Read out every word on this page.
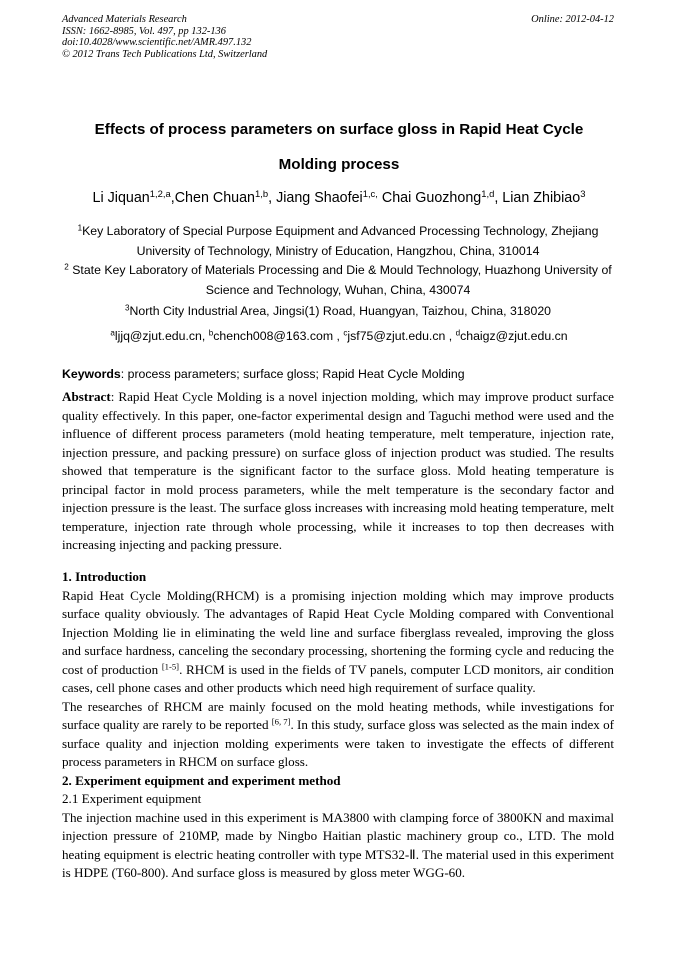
Advanced Materials Research
ISSN: 1662-8985, Vol. 497, pp 132-136
doi:10.4028/www.scientific.net/AMR.497.132
© 2012 Trans Tech Publications Ltd, Switzerland
Online: 2012-04-12
Effects of process parameters on surface gloss in Rapid Heat Cycle
Molding process
Li Jiquan$^{1,2,a}$,Chen Chuan$^{1,b}$, Jiang Shaofei$^{1,c,}$ Chai Guozhong$^{1,d}$, Lian Zhibiao$^3$
$^1$Key Laboratory of Special Purpose Equipment and Advanced Processing Technology, Zhejiang University of Technology, Ministry of Education, Hangzhou, China, 310014
$^2$ State Key Laboratory of Materials Processing and Die & Mould Technology, Huazhong University of Science and Technology, Wuhan, China, 430074
$^3$North City Industrial Area, Jingsi(1) Road, Huangyan, Taizhou, China, 318020
$^a$ljjq@zjut.edu.cn, $^b$chench008@163.com , $^c$jsf75@zjut.edu.cn , $^d$chaigz@zjut.edu.cn
Keywords: process parameters; surface gloss; Rapid Heat Cycle Molding

Abstract: Rapid Heat Cycle Molding is a novel injection molding, which may improve product surface quality effectively. In this paper, one-factor experimental design and Taguchi method were used and the influence of different process parameters (mold heating temperature, melt temperature, injection rate, injection pressure, and packing pressure) on surface gloss of injection product was studied. The results showed that temperature is the significant factor to the surface gloss. Mold heating temperature is principal factor in mold process parameters, while the melt temperature is the secondary factor and injection pressure is the least. The surface gloss increases with increasing mold heating temperature, melt temperature, injection rate through whole processing, while it increases to top then decreases with increasing injecting and packing pressure.

1. Introduction

Rapid Heat Cycle Molding(RHCM) is a promising injection molding which may improve products surface quality obviously. The advantages of Rapid Heat Cycle Molding compared with Conventional Injection Molding lie in eliminating the weld line and surface fiberglass revealed, improving the gloss and surface hardness, canceling the secondary processing, shortening the forming cycle and reducing the cost of production [1-5]. RHCM is used in the fields of TV panels, computer LCD monitors, air condition cases, cell phone cases and other products which need high requirement of surface quality.

The researches of RHCM are mainly focused on the mold heating methods, while investigations for surface quality are rarely to be reported [6, 7]. In this study, surface gloss was selected as the main index of surface quality and injection molding experiments were taken to investigate the effects of different process parameters in RHCM on surface gloss.

2. Experiment equipment and experiment method

2.1 Experiment equipment

The injection machine used in this experiment is MA3800 with clamping force of 3800KN and maximal injection pressure of 210MP, made by Ningbo Haitian plastic machinery group co., LTD. The mold heating equipment is electric heating controller with type MTS32-Ⅱ. The material used in this experiment is HDPE (T60-800). And surface gloss is measured by gloss meter WGG-60.
